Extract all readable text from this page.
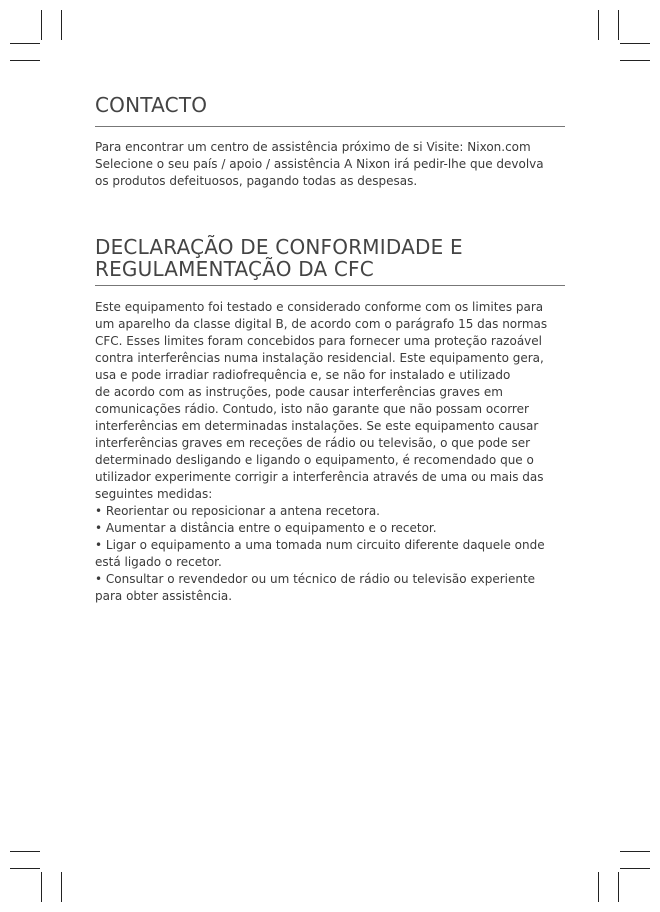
CONTACTO

Para encontrar um centro de assistência próximo de si Visite: Nixon.com
Selecione o seu país / apoio / assistência A Nixon irá pedir-lhe que devolva
os produtos defeituosos, pagando todas as despesas.

DECLARAÇÃO DE CONFORMIDADE E
REGULAMENTAÇÃO DA CFC

Este equipamento foi testado e considerado conforme com os limites para
um aparelho da classe digital B, de acordo com o parágrafo 15 das normas
CFC. Esses limites foram concebidos para fornecer uma proteção razoável
contra interferências numa instalação residencial. Este equipamento gera,
usa e pode irradiar radiofrequência e, se não for instalado e utilizado
de acordo com as instruções, pode causar interferências graves em
comunicações rádio. Contudo, isto não garante que não possam ocorrer
interferências em determinadas instalações. Se este equipamento causar
interferências graves em receções de rádio ou televisão, o que pode ser
determinado desligando e ligando o equipamento, é recomendado que o
utilizador experimente corrigir a interferência através de uma ou mais das
seguintes medidas:
• Reorientar ou reposicionar a antena recetora.
• Aumentar a distância entre o equipamento e o recetor.
• Ligar o equipamento a uma tomada num circuito diferente daquele onde
está ligado o recetor.
• Consultar o revendedor ou um técnico de rádio ou televisão experiente
para obter assistência.
